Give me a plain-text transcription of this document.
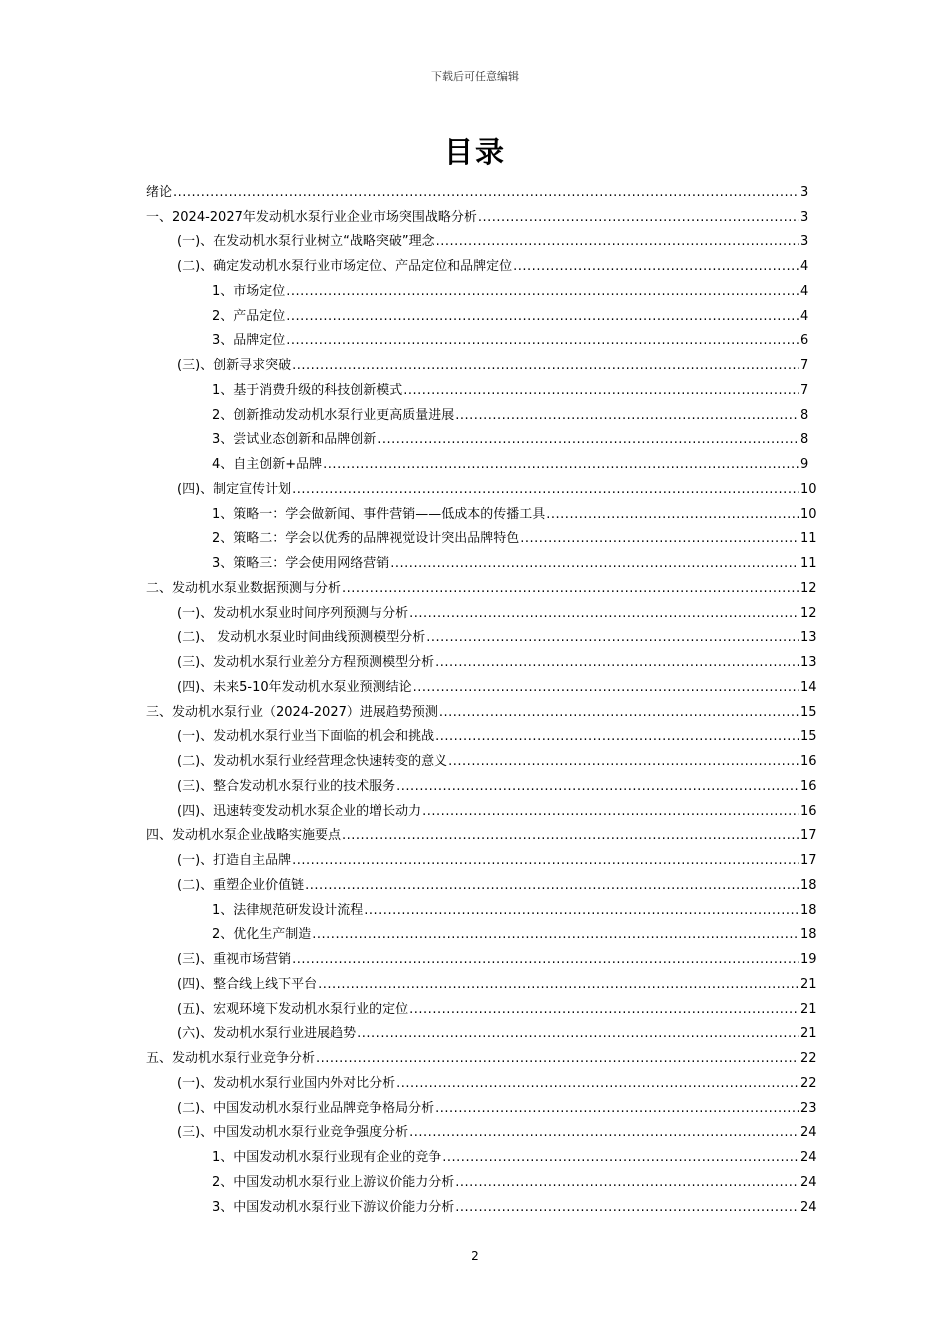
下载后可任意编辑
目录
绪论 .....	3
一、2024-2027年发动机水泵行业企业市场突围战略分析 .....	3
(一)、在发动机水泵行业树立“战略突破”理念 .....	3
(二)、确定发动机水泵行业市场定位、产品定位和品牌定位 .....	4
1、市场定位 .....	4
2、产品定位 .....	4
3、品牌定位 .....	6
(三)、创新寻求突破 .....	7
1、基于消费升级的科技创新模式 .....	7
2、创新推动发动机水泵行业更高质量进展 .....	8
3、尝试业态创新和品牌创新 .....	8
4、自主创新+品牌 .....	9
(四)、制定宣传计划 .....	10
1、策略一：学会做新闻、事件营销——低成本的传播工具 .....	10
2、策略二：学会以优秀的品牌视觉设计突出品牌特色 .....	11
3、策略三：学会使用网络营销 .....	11
二、发动机水泵业数据预测与分析 .....	12
(一)、发动机水泵业时间序列预测与分析 .....	12
(二)、 发动机水泵业时间曲线预测模型分析 .....	13
(三)、发动机水泵行业差分方程预测模型分析 .....	13
(四)、未来5-10年发动机水泵业预测结论 .....	14
三、发动机水泵行业（2024-2027）进展趋势预测 .....	15
(一)、发动机水泵行业当下面临的机会和挑战 .....	15
(二)、发动机水泵行业经营理念快速转变的意义 .....	16
(三)、整合发动机水泵行业的技术服务 .....	16
(四)、迅速转变发动机水泵企业的增长动力 .....	16
四、发动机水泵企业战略实施要点 .....	17
(一)、打造自主品牌 .....	17
(二)、重塑企业价值链 .....	18
1、法律规范研发设计流程 .....	18
2、优化生产制造 .....	18
(三)、重视市场营销 .....	19
(四)、整合线上线下平台 .....	21
(五)、宏观环境下发动机水泵行业的定位 .....	21
(六)、发动机水泵行业进展趋势 .....	21
五、发动机水泵行业竞争分析 .....	22
(一)、发动机水泵行业国内外对比分析 .....	22
(二)、中国发动机水泵行业品牌竞争格局分析 .....	23
(三)、中国发动机水泵行业竞争强度分析 .....	24
1、中国发动机水泵行业现有企业的竞争 .....	24
2、中国发动机水泵行业上游议价能力分析 .....	24
3、中国发动机水泵行业下游议价能力分析 .....	24
2
